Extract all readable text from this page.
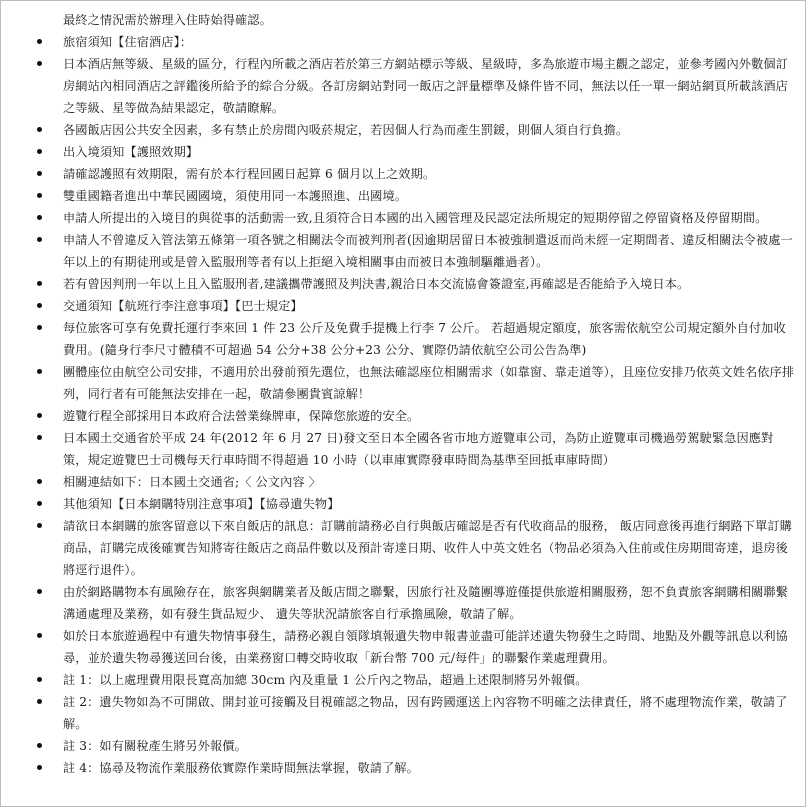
最終之情況需於辦理入住時始得確認。

旅宿須知【住宿酒店】：
日本酒店無等級、星級的區分，行程內所載之酒店若於第三方網站標示等級、星級時，多為旅遊市場主觀之認定，並參考國內外數個訂房網站內相同酒店之評鑑後所給予的綜合分級。各訂房網站對同一飯店之評量標準及條件皆不同，無法以任一單一網站網頁所載該酒店之等級、星等做為結果認定，敬請瞭解。
各國飯店因公共安全因素，多有禁止於房間內吸菸規定，若因個人行為而產生罰鍰，則個人須自行負擔。
出入境須知【護照效期】
請確認護照有效期限，需有於本行程回國日起算 6 個月以上之效期。
雙重國籍者進出中華民國國境，須使用同一本護照進、出國境。
申請人所提出的入境目的與從事的活動需一致,且須符合日本國的出入國管理及民認定法所規定的短期停留之停留資格及停留期間。
申請人不曾違反入管法第五條第一項各號之相關法令而被判刑者(因逾期居留日本被強制遣返而尚未經一定期間者、違反相關法令被處一年以上的有期徒刑或是曾入監服刑等者有以上拒絕入境相關事由而被日本強制驅離過者）。
若有曾因判刑一年以上且入監服刑者,建議攜帶護照及判決書,親洽日本交流協會簽證室,再確認是否能給予入境日本。
交通須知【航班行李注意事項】【巴士規定】
每位旅客可享有免費托運行李來回 1 件 23 公斤及免費手提機上行李 7 公斤。 若超過規定額度，旅客需依航空公司規定額外自付加收費用。(隨身行李尺寸體積不可超過 54 公分+38 公分+23 公分、實際仍請依航空公司公告為準)
團體座位由航空公司安排，不適用於出發前預先選位，也無法確認座位相關需求（如靠窗、靠走道等），且座位安排乃依英文姓名依序排列，同行者有可能無法安排在一起，敬請參團貴賓諒解！
遊覽行程全部採用日本政府合法營業綠牌車，保障您旅遊的安全。
日本國土交通省於平成 24 年(2012 年 6 月 27 日)發文至日本全國各省市地方遊覽車公司，為防止遊覽車司機過勞駕駛緊急因應對策，規定遊覽巴士司機每天行車時間不得超過 10 小時（以車庫實際發車時間為基準至回抵車庫時間）
相關連結如下：日本國土交通省;〈 公文內容 〉
其他須知【日本網購特別注意事項】【協尋遺失物】
請欲日本網購的旅客留意以下來自飯店的訊息：訂購前請務必自行與飯店確認是否有代收商品的服務， 飯店同意後再進行網路下單訂購商品，訂購完成後確實告知將寄往飯店之商品件數以及預計寄達日期、收件人中英文姓名（物品必須為入住前或住房期間寄達，退房後將逕行退件）。
由於網路購物本有風險存在，旅客與網購業者及飯店間之聯繫，因旅行社及隨團導遊僅提供旅遊相關服務，恕不負責旅客網購相關聯繫溝通處理及業務，如有發生貨品短少、 遺失等狀況請旅客自行承擔風險，敬請了解。
如於日本旅遊過程中有遺失物情事發生，請務必親自領隊填報遺失物申報書並盡可能詳述遺失物發生之時間、地點及外觀等訊息以利協尋，並於遺失物尋獲送回台後，由業務窗口轉交時收取「新台幣 700 元/每件」的聯繫作業處理費用。
註 1：以上處理費用限長寬高加總 30cm 內及重量 1 公斤內之物品，超過上述限制將另外報價。
註 2：遺失物如為不可開啟、開封並可接觸及目視確認之物品，因有跨國運送上內容物不明確之法律責任，將不處理物流作業，敬請了解。
註 3：如有關稅產生將另外報價。
註 4：協尋及物流作業服務依實際作業時間無法掌握，敬請了解。
